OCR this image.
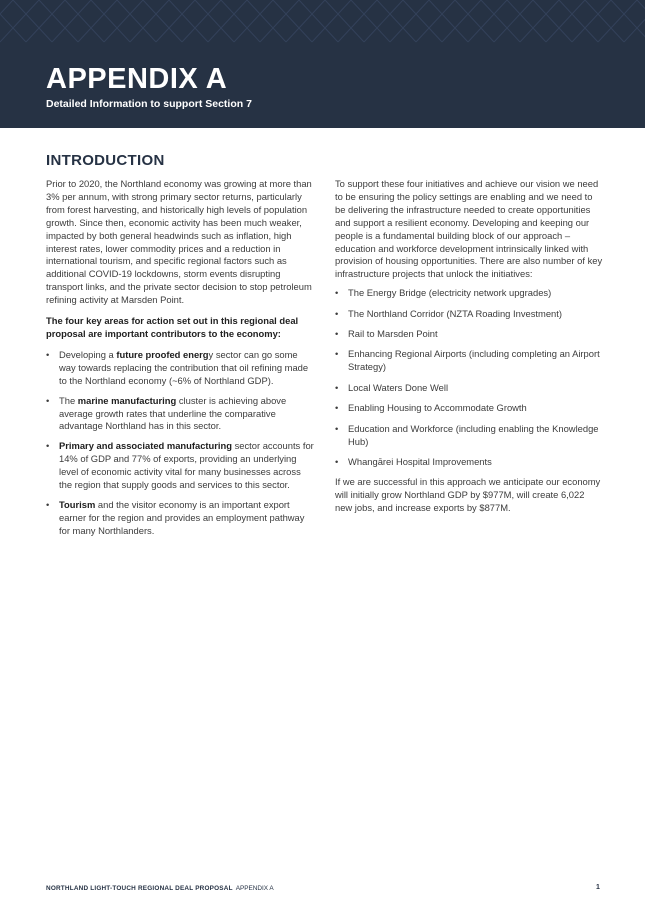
APPENDIX A
Detailed Information to support Section 7
INTRODUCTION

Prior to 2020, the Northland economy was growing at more than 3% per annum, with strong primary sector returns, particularly from forest harvesting, and historically high levels of population growth. Since then, economic activity has been much weaker, impacted by both general headwinds such as inflation, high interest rates, lower commodity prices and a reduction in international tourism, and specific regional factors such as additional COVID-19 lockdowns, storm events disrupting transport links, and the private sector decision to stop petroleum refining activity at Marsden Point.

The four key areas for action set out in this regional deal proposal are important contributors to the economy:

• Developing a future proofed energy sector can go some way towards replacing the contribution that oil refining made to the Northland economy (~6% of Northland GDP).
• The marine manufacturing cluster is achieving above average growth rates that underline the comparative advantage Northland has in this sector.
• Primary and associated manufacturing sector accounts for 14% of GDP and 77% of exports, providing an underlying level of economic activity vital for many businesses across the region that supply goods and services to this sector.
• Tourism and the visitor economy is an important export earner for the region and provides an employment pathway for many Northlanders.

To support these four initiatives and achieve our vision we need to be ensuring the policy settings are enabling and we need to be delivering the infrastructure needed to create opportunities and support a resilient economy. Developing and keeping our people is a fundamental building block of our approach – education and workforce development intrinsically linked with provision of housing opportunities. There are also number of key infrastructure projects that unlock the initiatives:

• The Energy Bridge (electricity network upgrades)
• The Northland Corridor (NZTA Roading Investment)
• Rail to Marsden Point
• Enhancing Regional Airports (including completing an Airport Strategy)
• Local Waters Done Well
• Enabling Housing to Accommodate Growth
• Education and Workforce (including enabling the Knowledge Hub)
• Whangārei Hospital Improvements

If we are successful in this approach we anticipate our economy will initially grow Northland GDP by $977M, will create 6,022 new jobs, and increase exports by $877M.

NORTHLAND LIGHT-TOUCH REGIONAL DEAL PROPOSAL APPENDIX A	1
